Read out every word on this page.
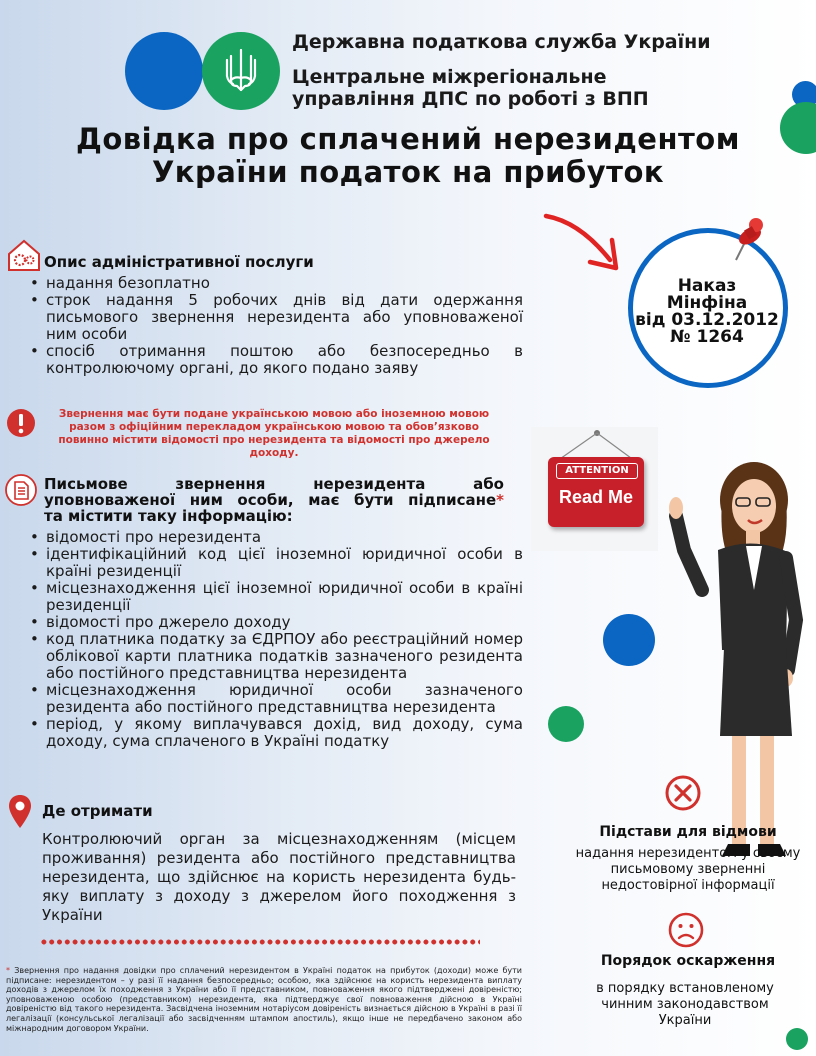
Державна податкова служба України
Центральне міжрегіональне
управління ДПС по роботі з ВПП
Довідка про сплачений нерезидентом
України податок на прибуток
Наказ
Мінфіна
від 03.12.2012
№ 1264
Опис адміністративної послуги
• надання безоплатно
• строк надання 5 робочих днів від дати одержання письмового звернення нерезидента або уповноваженої ним особи
• спосіб отримання поштою або безпосередньо в контролюючому органі, до якого подано заяву
Звернення має бути подане українською мовою або іноземною мовою разом з офіційним перекладом українською мовою та обов’язково повинно містити відомості про нерезидента та відомості про джерело доходу.
ATTENTION
Read Me
Письмове звернення нерезидента або
уповноваженої ним особи, має бути підписане*
та містити таку інформацію:
• відомості про нерезидента
• ідентифікаційний код цієї іноземної юридичної особи в країні резиденції
• місцезнаходження цієї іноземної юридичної особи в країні резиденції
• відомості про джерело доходу
• код платника податку за ЄДРПОУ або реєстраційний номер облікової карти платника податків зазначеного резидента або постійного представництва нерезидента
• місцезнаходження юридичної особи зазначеного резидента або постійного представництва нерезидента
• період, у якому виплачувався дохід, вид доходу, сума доходу, сума сплаченого в Україні податку
Де отримати
Контролюючий орган за місцезнаходженням (місцем проживання) резидента або постійного представництва нерезидента, що здійснює на користь нерезидента будь-яку виплату з доходу з джерелом його походження з України
* Звернення про надання довідки про сплачений нерезидентом в Україні податок на прибуток (доходи) може бути підписане: нерезидентом – у разі її надання безпосередньо; особою, яка здійснює на користь нерезидента виплату доходів з джерелом їх походження з України або її представником, повноваження якого підтверджені довіреністю; уповноваженою особою (представником) нерезидента, яка підтверджує свої повноваження дійсною в Україні довіреністю від такого нерезидента. Засвідчена іноземним нотаріусом довіреність визнається дійсною в Україні в разі її легалізації (консульської легалізації або засвідченням штампом апостиль), якщо інше не передбачено законом або міжнародним договором України.
Підстави для відмови
надання нерезидентом у своєму письмовому зверненні недостовірної інформації
Порядок оскарження
в порядку встановленому чинним законодавством України
